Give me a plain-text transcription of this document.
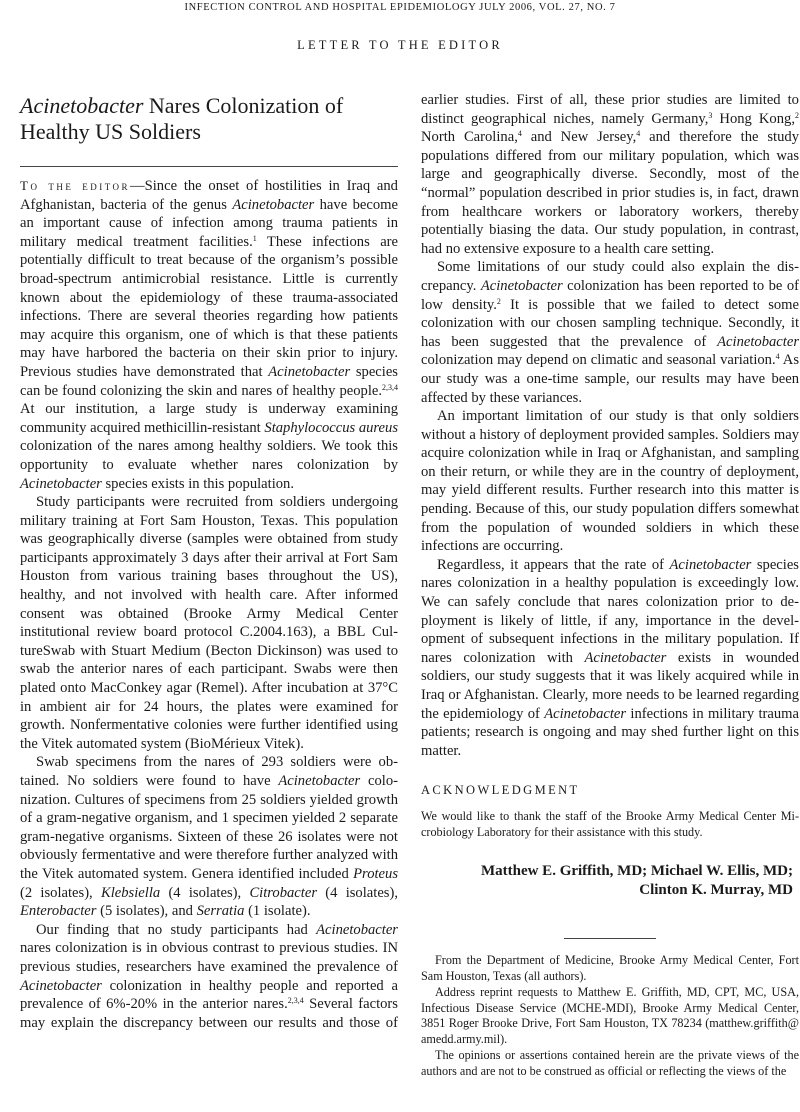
INFECTION CONTROL AND HOSPITAL EPIDEMIOLOGY JULY 2006, VOL. 27, NO. 7
LETTER TO THE EDITOR
Acinetobacter Nares Colonization of Healthy US Soldiers

To the editor—Since the onset of hostilities in Iraq and Afghanistan, bacteria of the genus Acinetobacter have become an important cause of infection among trauma patients in military medical treatment facilities.$^1$ These infections are potentially difficult to treat because of the organism’s possible broad-spectrum antimicrobial resistance. Little is currently known about the epidemiology of these trauma-associated infections. There are several theories regarding how patients may acquire this organism, one of which is that these patients may have harbored the bacteria on their skin prior to injury. Previous studies have demonstrated that Acinetobacter species can be found colonizing the skin and nares of healthy people.$^{2,3,4}$ At our institution, a large study is underway examining community acquired methicillin-resistant Staphylococcus aureus colonization of the nares among healthy soldiers. We took this opportunity to evaluate whether nares colonization by Acinetobacter species exists in this population.

Study participants were recruited from soldiers undergoing military training at Fort Sam Houston, Texas. This population was geographically diverse (samples were obtained from study participants approximately 3 days after their arrival at Fort Sam Houston from various training bases throughout the US), healthy, and not involved with health care. After informed consent was obtained (Brooke Army Medical Center institutional review board protocol C.2004.163), a BBL CultureSwab with Stuart Medium (Becton Dickinson) was used to swab the anterior nares of each participant. Swabs were then plated onto MacConkey agar (Remel). After incubation at 37°C in ambient air for 24 hours, the plates were examined for growth. Nonfermentative colonies were further identified using the Vitek automated system (BioMérieux Vitek).

Swab specimens from the nares of 293 soldiers were obtained. No soldiers were found to have Acinetobacter colonization. Cultures of specimens from 25 soldiers yielded growth of a gram-negative organism, and 1 specimen yielded 2 separate gram-negative organisms. Sixteen of these 26 isolates were not obviously fermentative and were therefore further analyzed with the Vitek automated system. Genera identified included Proteus (2 isolates), Klebsiella (4 isolates), Citrobacter (4 isolates), Enterobacter (5 isolates), and Serratia (1 isolate).

Our finding that no study participants had Acinetobacter nares colonization is in obvious contrast to previous studies. IN previous studies, researchers have examined the prevalence of Acinetobacter colonization in healthy people and reported a prevalence of 6%-20% in the anterior nares.$^{2,3,4}$ Several factors may explain the discrepancy between our results and those of

earlier studies. First of all, these prior studies are limited to distinct geographical niches, namely Germany,$^3$ Hong Kong,$^2$ North Carolina,$^4$ and New Jersey,$^4$ and therefore the study populations differed from our military population, which was large and geographically diverse. Secondly, most of the “normal” population described in prior studies is, in fact, drawn from healthcare workers or laboratory workers, thereby potentially biasing the data. Our study population, in contrast, had no extensive exposure to a health care setting.

Some limitations of our study could also explain the discrepancy. Acinetobacter colonization has been reported to be of low density.$^2$ It is possible that we failed to detect some colonization with our chosen sampling technique. Secondly, it has been suggested that the prevalence of Acinetobacter colonization may depend on climatic and seasonal variation.$^4$ As our study was a one-time sample, our results may have been affected by these variances.

An important limitation of our study is that only soldiers without a history of deployment provided samples. Soldiers may acquire colonization while in Iraq or Afghanistan, and sampling on their return, or while they are in the country of deployment, may yield different results. Further research into this matter is pending. Because of this, our study population differs somewhat from the population of wounded soldiers in which these infections are occurring.

Regardless, it appears that the rate of Acinetobacter species nares colonization in a healthy population is exceedingly low. We can safely conclude that nares colonization prior to deployment is likely of little, if any, importance in the development of subsequent infections in the military population. If nares colonization with Acinetobacter exists in wounded soldiers, our study suggests that it was likely acquired while in Iraq or Afghanistan. Clearly, more needs to be learned regarding the epidemiology of Acinetobacter infections in military trauma patients; research is ongoing and may shed further light on this matter.

ACKNOWLEDGMENT
We would like to thank the staff of the Brooke Army Medical Center Microbiology Laboratory for their assistance with this study.
Matthew E. Griffith, MD; Michael W. Ellis, MD;
Clinton K. Murray, MD

From the Department of Medicine, Brooke Army Medical Center, Fort Sam Houston, Texas (all authors).

Address reprint requests to Matthew E. Griffith, MD, CPT, MC, USA, Infectious Disease Service (MCHE-MDI), Brooke Army Medical Center, 3851 Roger Brooke Drive, Fort Sam Houston, TX 78234 (matthew.griffith@ amedd.army.mil).

The opinions or assertions contained herein are the private views of the authors and are not to be construed as official or reflecting the views of the
